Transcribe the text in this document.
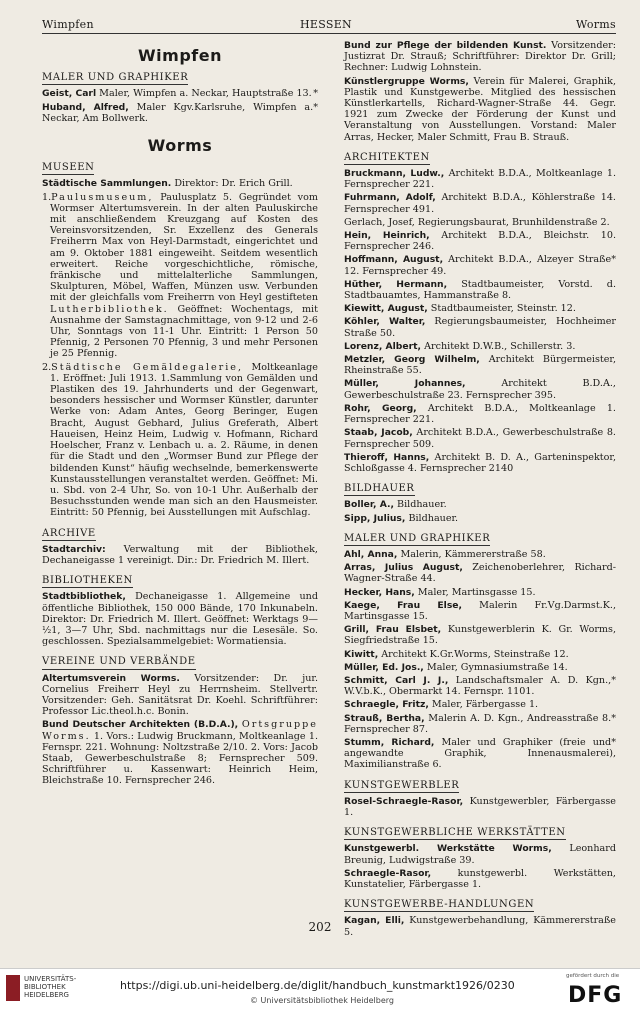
Wimpfen	HESSEN	Worms
Wimpfen
MALER UND GRAPHIKER
*
Geist, Carl Maler, Wimpfen a. Neckar, Hauptstraße 13.
*
Huband, Alfred, Maler Kgv.Karlsruhe, Wimpfen a. Neckar, Am Bollwerk.
Worms
MUSEEN
Städtische Sammlungen. Direktor: Dr. Erich Grill.
1.Paulusmuseum, Paulusplatz 5. Gegründet vom Wormser Altertumsverein. In der alten Pauluskirche mit anschließendem Kreuzgang auf Kosten des Vereinsvorsitzenden, Sr. Exzellenz des Generals Freiherrn Max von Heyl-Darmstadt, eingerichtet und am 9. Oktober 1881 eingeweiht. Seitdem wesentlich erweitert. Reiche vorgeschichtliche, römische, fränkische und mittelalterliche Sammlungen, Skulpturen, Möbel, Waffen, Münzen usw. Verbunden mit der gleichfalls vom Freiherrn von Heyl gestifteten Lutherbibliothek. Geöffnet: Wochentags, mit Ausnahme der Samstagnachmittage, von 9-12 und 2-6 Uhr, Sonntags von 11-1 Uhr. Eintritt: 1 Person 50 Pfennig, 2 Personen 70 Pfennig, 3 und mehr Personen je 25 Pfennig.
2.Städtische Gemäldegalerie, Moltkeanlage 1. Eröffnet: Juli 1913. 1.Sammlung von Gemälden und Plastiken des 19. Jahrhunderts und der Gegenwart, besonders hessischer und Wormser Künstler, darunter Werke von: Adam Antes, Georg Beringer, Eugen Bracht, August Gebhard, Julius Greferath, Albert Haueisen, Heinz Heim, Ludwig v. Hofmann, Richard Hoelscher, Franz v. Lenbach u. a. 2. Räume, in denen für die Stadt und den „Wormser Bund zur Pflege der bildenden Kunst“ häufig wechselnde, bemerkenswerte Kunstausstellungen veranstaltet werden. Geöffnet: Mi. u. Sbd. von 2-4 Uhr, So. von 10-1 Uhr. Außerhalb der Besuchsstunden wende man sich an den Hausmeister. Eintritt: 50 Pfennig, bei Ausstellungen mit Aufschlag.
ARCHIVE
Stadtarchiv: Verwaltung mit der Bibliothek, Dechaneigasse 1 vereinigt. Dir.: Dr. Friedrich M. Illert.
BIBLIOTHEKEN
Stadtbibliothek, Dechaneigasse 1. Allgemeine und öffentliche Bibliothek, 150 000 Bände, 170 Inkunabeln. Direktor: Dr. Friedrich M. Illert. Geöffnet: Werktags 9—½1, 3—7 Uhr, Sbd. nachmittags nur die Lesesäle. So. geschlossen. Spezialsammelgebiet: Wormatiensia.
VEREINE UND VERBÄNDE
Altertumsverein Worms. Vorsitzender: Dr. jur. Cornelius Freiherr Heyl zu Herrnsheim. Stellvertr. Vorsitzender: Geh. Sanitätsrat Dr. Koehl. Schriftführer: Professor Lic.theol.h.c. Bonin.
Bund Deutscher Architekten (B.D.A.), Ortsgruppe Worms. 1. Vors.: Ludwig Bruckmann, Moltkeanlage 1. Fernspr. 221. Wohnung: Noltzstraße 2/10. 2. Vors: Jacob Staab, Gewerbeschulstraße 8; Fernsprecher 509. Schriftführer u. Kassenwart: Heinrich Heim, Bleichstraße 10. Fernsprecher 246.
Bund zur Pflege der bildenden Kunst. Vorsitzender: Justizrat Dr. Strauß; Schriftführer: Direktor Dr. Grill; Rechner: Ludwig Lohnstein.
Künstlergruppe Worms, Verein für Malerei, Graphik, Plastik und Kunstgewerbe. Mitglied des hessischen Künstlerkartells, Richard-Wagner-Straße 44. Gegr. 1921 zum Zwecke der Förderung der Kunst und Veranstaltung von Ausstellungen. Vorstand: Maler Arras, Hecker, Maler Schmitt, Frau B. Strauß.
ARCHITEKTEN
Bruckmann, Ludw., Architekt B.D.A., Moltkeanlage 1. Fernsprecher 221.
Fuhrmann, Adolf, Architekt B.D.A., Köhlerstraße 14. Fernsprecher 491.
Gerlach, Josef, Regierungsbaurat, Brunhildenstraße 2.
Hein, Heinrich, Architekt B.D.A., Bleichstr. 10. Fernsprecher 246.
*
Hoffmann, August, Architekt B.D.A., Alzeyer Straße 12. Fernsprecher 49.
Hüther, Hermann, Stadtbaumeister, Vorstd. d. Stadtbauamtes, Hammanstraße 8.
Kiewitt, August, Stadtbaumeister, Steinstr. 12.
Köhler, Walter, Regierungsbaumeister, Hochheimer Straße 50.
Lorenz, Albert, Architekt D.W.B., Schillerstr. 3.
Metzler, Georg Wilhelm, Architekt Bürgermeister, Rheinstraße 55.
Müller, Johannes,	Architekt B.D.A., Gewerbeschulstraße 23. Fernsprecher 395.
Rohr, Georg, Architekt B.D.A., Moltkeanlage 1. Fernsprecher 221.
Staab, Jacob, Architekt B.D.A., Gewerbeschulstraße 8. Fernsprecher 509.
Thieroff, Hanns, Architekt B. D. A., Garteninspektor, Schloßgasse 4. Fernsprecher 2140
BILDHAUER
Boller, A., Bildhauer.
Sipp, Julius, Bildhauer.
MALER UND GRAPHIKER
Ahl, Anna, Malerin, Kämmererstraße 58.
Arras, Julius August, Zeichenoberlehrer, Richard-Wagner-Straße 44.
Hecker, Hans, Maler, Martinsgasse 15.
Kaege, Frau Else, Malerin Fr.Vg.Darmst.K., Martinsgasse 15.
Grill, Frau Elsbet, Kunstgewerblerin K. Gr. Worms, Siegfriedstraße 15.
Kiwitt, Architekt K.Gr.Worms, Steinstraße 12.
Müller, Ed. Jos., Maler, Gymnasiumstraße 14.
*
Schmitt, Carl J. J., Landschaftsmaler A. D. Kgn., W.V.b.K., Obermarkt 14. Fernspr. 1101.
Schraegle, Fritz, Maler, Färbergasse 1.
*
Strauß, Bertha, Malerin A. D. Kgn., Andreasstraße 8. Fernsprecher 87.
*
Stumm, Richard, Maler und Graphiker (freie und angewandte Graphik, Innenausmalerei), Maximilianstraße 6.
KUNSTGEWERBLER
Rosel-Schraegle-Rasor, Kunstgewerbler, Färbergasse 1.
KUNSTGEWERBLICHE WERKSTÄTTEN
Kunstgewerbl. Werkstätte Worms, Leonhard Breunig, Ludwigstraße 39.
Schraegle-Rasor,	kunstgewerbl. Werkstätten, Kunstatelier, Färbergasse 1.
KUNSTGEWERBE-HANDLUNGEN
Kagan, Elli, Kunstgewerbehandlung, Kämmererstraße 5.
202
UNIVERSITÄTS-BIBLIOTHEK HEIDELBERG
https://digi.ub.uni-heidelberg.de/diglit/handbuch_kunstmarkt1926/0230
© Universitätsbibliothek Heidelberg
gefördert durch die
DFG
